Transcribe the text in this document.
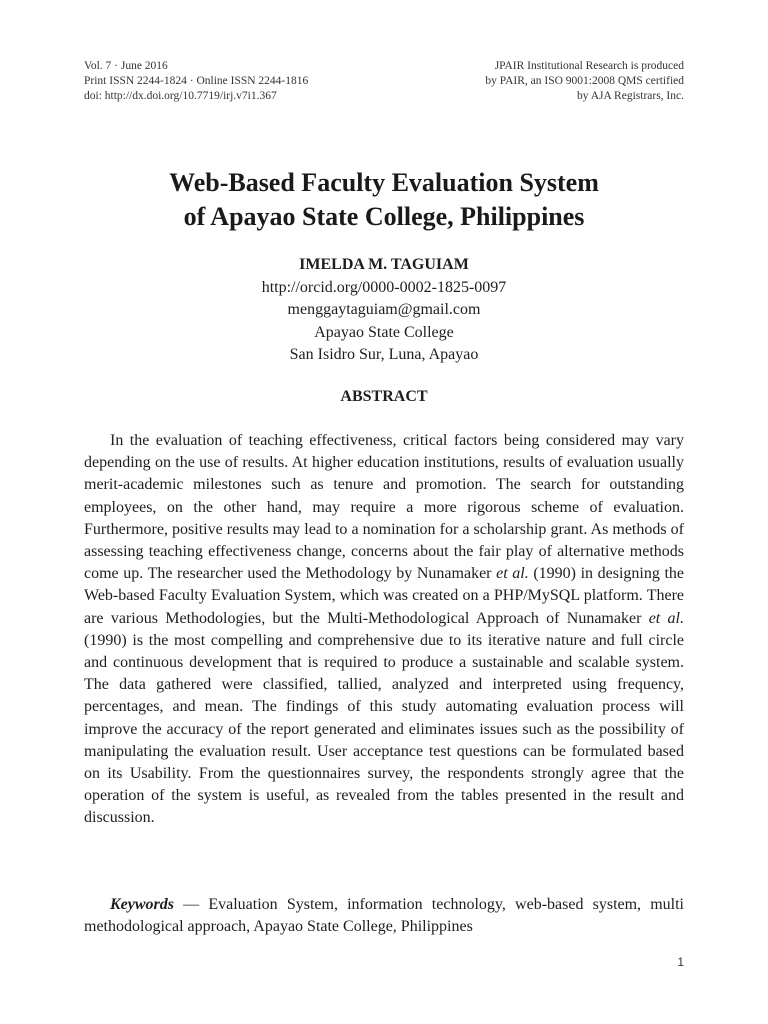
Vol. 7 · June 2016
Print ISSN 2244-1824 · Online ISSN 2244-1816
doi: http://dx.doi.org/10.7719/irj.v7i1.367
JPAIR Institutional Research is produced
by PAIR, an ISO 9001:2008 QMS certified
by AJA Registrars, Inc.
Web-Based Faculty Evaluation System
of Apayao State College, Philippines
IMELDA M. TAGUIAM
http://orcid.org/0000-0002-1825-0097
menggaytaguiam@gmail.com
Apayao State College
San Isidro Sur, Luna, Apayao
ABSTRACT

In the evaluation of teaching effectiveness, critical factors being considered may vary depending on the use of results. At higher education institutions, results of evaluation usually merit-academic milestones such as tenure and promotion. The search for outstanding employees, on the other hand, may require a more rigorous scheme of evaluation. Furthermore, positive results may lead to a nomination for a scholarship grant. As methods of assessing teaching effectiveness change, concerns about the fair play of alternative methods come up. The researcher used the Methodology by Nunamaker et al. (1990) in designing the Web-based Faculty Evaluation System, which was created on a PHP/MySQL platform. There are various Methodologies, but the Multi-Methodological Approach of Nunamaker et al. (1990) is the most compelling and comprehensive due to its iterative nature and full circle and continuous development that is required to produce a sustainable and scalable system. The data gathered were classified, tallied, analyzed and interpreted using frequency, percentages, and mean. The findings of this study automating evaluation process will improve the accuracy of the report generated and eliminates issues such as the possibility of manipulating the evaluation result. User acceptance test questions can be formulated based on its Usability. From the questionnaires survey, the respondents strongly agree that the operation of the system is useful, as revealed from the tables presented in the result and discussion.

Keywords — Evaluation System, information technology, web-based system, multi methodological approach, Apayao State College, Philippines

1
